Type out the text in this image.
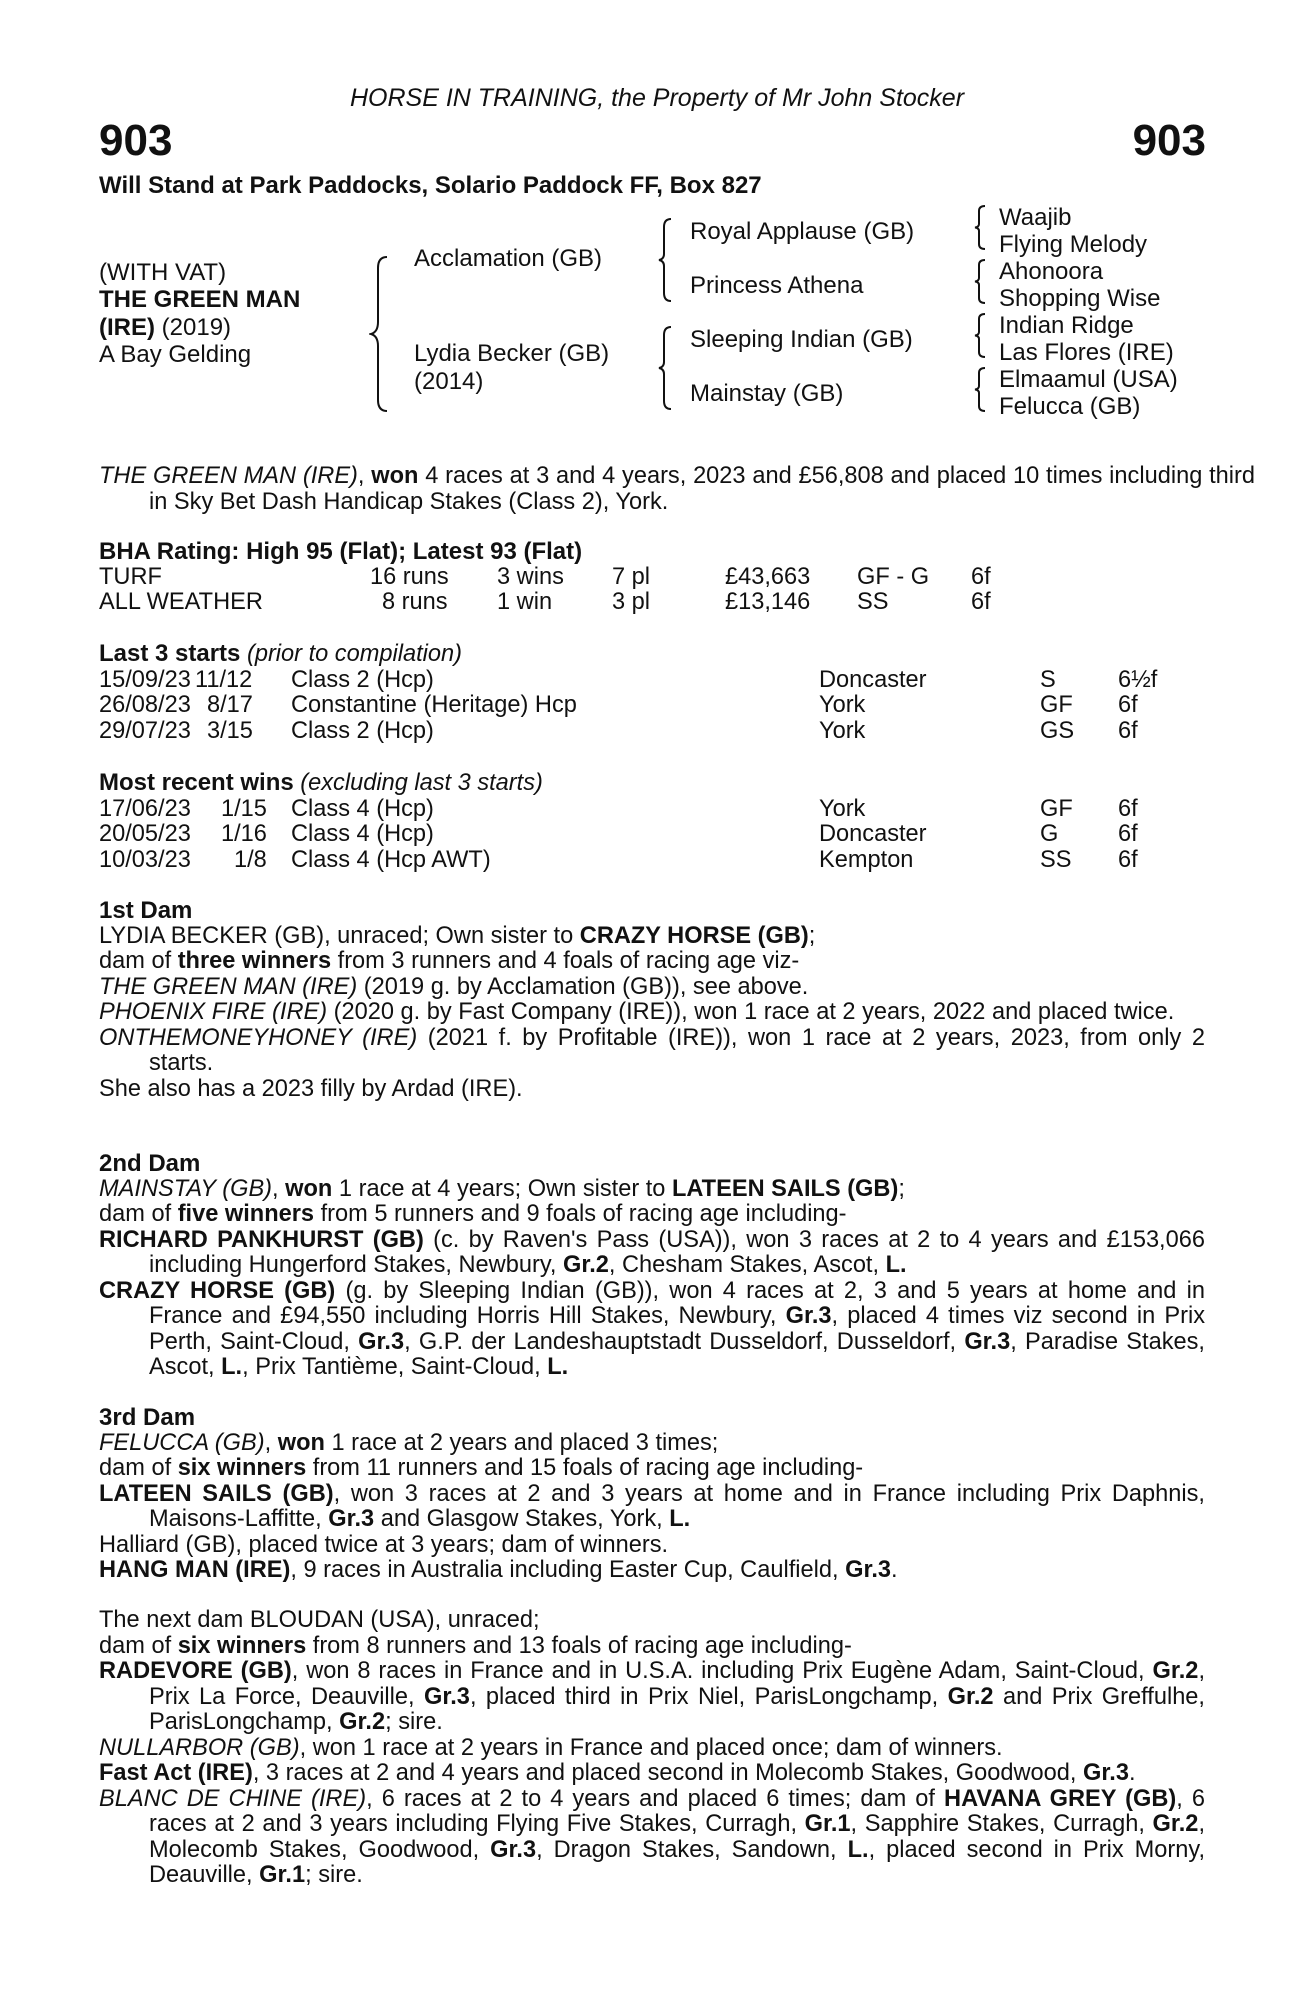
HORSE IN TRAINING, the Property of Mr John Stocker
903	903
Will Stand at Park Paddocks, Solario Paddock FF, Box 827
(WITH VAT)
THE GREEN MAN
(IRE) (2019)
A Bay Gelding
Acclamation (GB)
Lydia Becker (GB)
(2014)
Royal Applause (GB)
Princess Athena
Sleeping Indian (GB)
Mainstay (GB)
Waajib
Flying Melody
Ahonoora
Shopping Wise
Indian Ridge
Las Flores (IRE)
Elmaamul (USA)
Felucca (GB)
THE GREEN MAN (IRE), won 4 races at 3 and 4 years, 2023 and £56,808 and placed 10 times including third in Sky Bet Dash Handicap Stakes (Class 2), York.
BHA Rating: High 95 (Flat); Latest 93 (Flat)
TURF	16 runs 3 wins 7 pl	£43,663 GF - G 6f
ALL WEATHER	8 runs 1 win	3 pl	£13,146 SS	6f
Last 3 starts (prior to compilation)
15/09/23 11/12 Class 2 (Hcp)	Doncaster	S	6½f
26/08/23 8/17 Constantine (Heritage) Hcp	York	GF 6f
29/07/23 3/15 Class 2 (Hcp)	York	GS 6f
Most recent wins (excluding last 3 starts)
17/06/23 1/15 Class 4 (Hcp)	York	GF 6f
20/05/23 1/16 Class 4 (Hcp)	Doncaster	G	6f
10/03/23 1/8 Class 4 (Hcp AWT)	Kempton	SS 6f
1st Dam

LYDIA BECKER (GB), unraced; Own sister to CRAZY HORSE (GB);

dam of three winners from 3 runners and 4 foals of racing age viz-

THE GREEN MAN (IRE) (2019 g. by Acclamation (GB)), see above.

PHOENIX FIRE (IRE) (2020 g. by Fast Company (IRE)), won 1 race at 2 years, 2022 and placed twice.

ONTHEMONEYHONEY (IRE) (2021 f. by Profitable (IRE)), won 1 race at 2 years, 2023, from only 2 starts.

She also has a 2023 filly by Ardad (IRE).

2nd Dam

MAINSTAY (GB), won 1 race at 4 years; Own sister to LATEEN SAILS (GB);

dam of five winners from 5 runners and 9 foals of racing age including-

RICHARD PANKHURST (GB) (c. by Raven's Pass (USA)), won 3 races at 2 to 4 years and £153,066 including Hungerford Stakes, Newbury, Gr.2, Chesham Stakes, Ascot, L.

CRAZY HORSE (GB) (g. by Sleeping Indian (GB)), won 4 races at 2, 3 and 5 years at home and in France and £94,550 including Horris Hill Stakes, Newbury, Gr.3, placed 4 times viz second in Prix Perth, Saint-Cloud, Gr.3, G.P. der Landeshauptstadt Dusseldorf, Dusseldorf, Gr.3, Paradise Stakes, Ascot, L., Prix Tantième, Saint-Cloud, L.

3rd Dam

FELUCCA (GB), won 1 race at 2 years and placed 3 times;

dam of six winners from 11 runners and 15 foals of racing age including-

LATEEN SAILS (GB), won 3 races at 2 and 3 years at home and in France including Prix Daphnis, Maisons-Laffitte, Gr.3 and Glasgow Stakes, York, L.

Halliard (GB), placed twice at 3 years; dam of winners.

HANG MAN (IRE), 9 races in Australia including Easter Cup, Caulfield, Gr.3.

The next dam BLOUDAN (USA), unraced;

dam of six winners from 8 runners and 13 foals of racing age including-

RADEVORE (GB), won 8 races in France and in U.S.A. including Prix Eugène Adam, Saint-Cloud, Gr.2, Prix La Force, Deauville, Gr.3, placed third in Prix Niel, ParisLongchamp, Gr.2 and Prix Greffulhe, ParisLongchamp, Gr.2; sire.

NULLARBOR (GB), won 1 race at 2 years in France and placed once; dam of winners.

Fast Act (IRE), 3 races at 2 and 4 years and placed second in Molecomb Stakes, Goodwood, Gr.3.

BLANC DE CHINE (IRE), 6 races at 2 to 4 years and placed 6 times; dam of HAVANA GREY (GB), 6 races at 2 and 3 years including Flying Five Stakes, Curragh, Gr.1, Sapphire Stakes, Curragh, Gr.2, Molecomb Stakes, Goodwood, Gr.3, Dragon Stakes, Sandown, L., placed second in Prix Morny, Deauville, Gr.1; sire.
